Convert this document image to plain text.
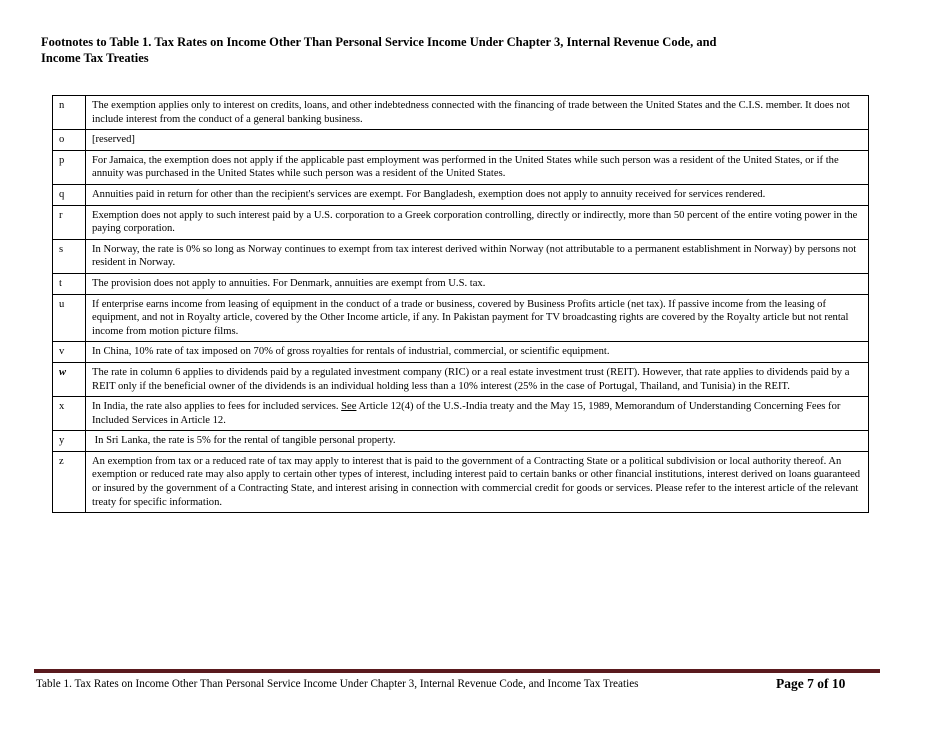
Footnotes to Table 1. Tax Rates on Income Other Than Personal Service Income Under Chapter 3, Internal Revenue Code, and
Income Tax Treaties
n	The exemption applies only to interest on credits, loans, and other indebtedness connected with the financing of trade between the United States and the C.I.S. member. It does not include interest from the conduct of a general banking business.
o	[reserved]
p	For Jamaica, the exemption does not apply if the applicable past employment was performed in the United States while such person was a resident of the United States, or if the annuity was purchased in the United States while such person was a resident of the United States.
q	Annuities paid in return for other than the recipient's services are exempt. For Bangladesh, exemption does not apply to annuity received for services rendered.
r	Exemption does not apply to such interest paid by a U.S. corporation to a Greek corporation controlling, directly or indirectly, more than 50 percent of the entire voting power in the paying corporation.
s	In Norway, the rate is 0% so long as Norway continues to exempt from tax interest derived within Norway (not attributable to a permanent establishment in Norway) by persons not resident in Norway.
t	The provision does not apply to annuities. For Denmark, annuities are exempt from U.S. tax.
u	If enterprise earns income from leasing of equipment in the conduct of a trade or business, covered by Business Profits article (net tax). If passive income from the leasing of equipment, and not in Royalty article, covered by the Other Income article, if any. In Pakistan payment for TV broadcasting rights are covered by the Royalty article but not rental income from motion picture films.
v	In China, 10% rate of tax imposed on 70% of gross royalties for rentals of industrial, commercial, or scientific equipment.
w	The rate in column 6 applies to dividends paid by a regulated investment company (RIC) or a real estate investment trust (REIT). However, that rate applies to dividends paid by a REIT only if the beneficial owner of the dividends is an individual holding less than a 10% interest (25% in the case of Portugal, Thailand, and Tunisia) in the REIT.
x	In India, the rate also applies to fees for included services. See Article 12(4) of the U.S.-India treaty and the May 15, 1989, Memorandum of Understanding Concerning Fees for Included Services in Article 12.
y	In Sri Lanka, the rate is 5% for the rental of tangible personal property.
z	An exemption from tax or a reduced rate of tax may apply to interest that is paid to the government of a Contracting State or a political subdivision or local authority thereof. An exemption or reduced rate may also apply to certain other types of interest, including interest paid to certain banks or other financial institutions, interest derived on loans guaranteed or insured by the government of a Contracting State, and interest arising in connection with commercial credit for goods or services. Please refer to the interest article of the relevant treaty for specific information.
Table 1. Tax Rates on Income Other Than Personal Service Income Under Chapter 3, Internal Revenue Code, and Income Tax Treaties	Page 7 of 10
